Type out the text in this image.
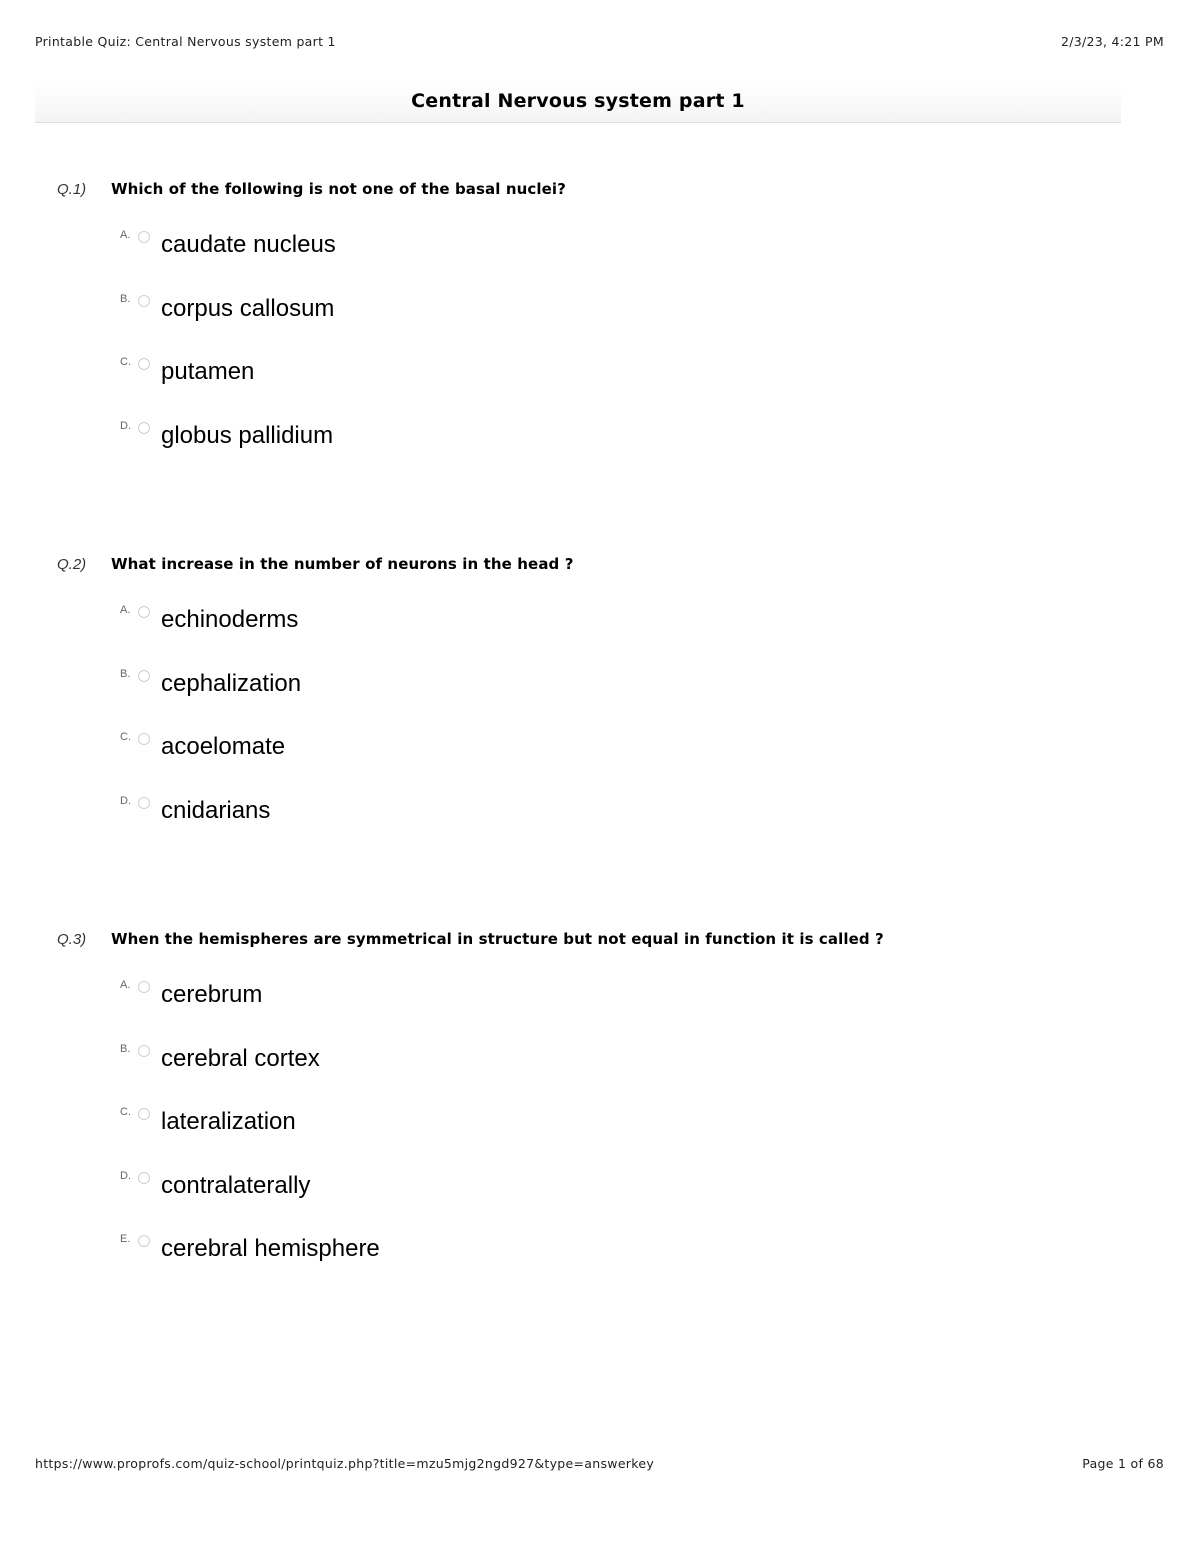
Printable Quiz: Central Nervous system part 1	2/3/23, 4:21 PM
Central Nervous system part 1
Q.1) Which of the following is not one of the basal nuclei?
A. caudate nucleus
B. corpus callosum
C. putamen
D. globus pallidium
Q.2) What increase in the number of neurons in the head ?
A. echinoderms
B. cephalization
C. acoelomate
D. cnidarians
Q.3) When the hemispheres are symmetrical in structure but not equal in function it is called ?
A. cerebrum
B. cerebral cortex
C. lateralization
D. contralaterally
E. cerebral hemisphere
https://www.proprofs.com/quiz-school/printquiz.php?title=mzu5mjg2ngd927&type=answerkey	Page 1 of 68
